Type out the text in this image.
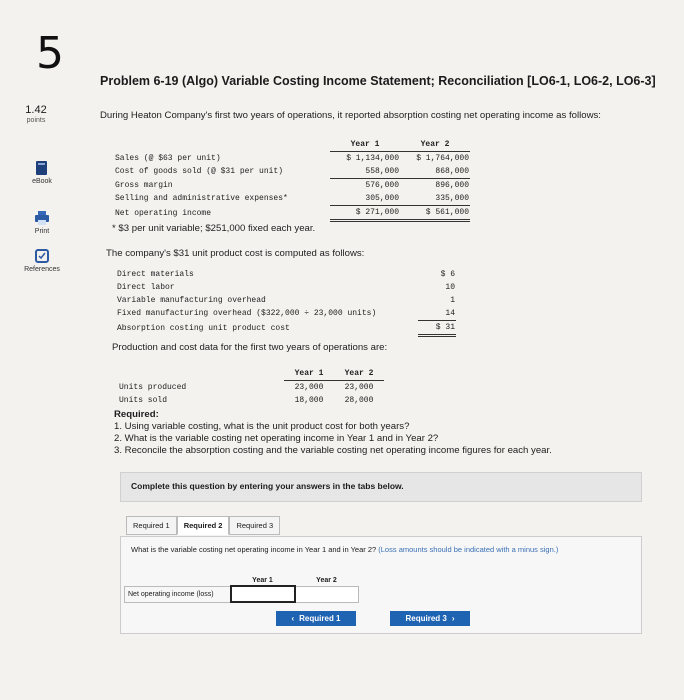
5
1.42
points
eBook
Print
References
Problem 6-19 (Algo) Variable Costing Income Statement; Reconciliation [LO6-1, LO6-2, LO6-3]
During Heaton Company's first two years of operations, it reported absorption costing net operating income as follows:
	Year 1	Year 2
Sales (@ $63 per unit)	$ 1,134,000	$ 1,764,000
Cost of goods sold (@ $31 per unit)	558,000	868,000
Gross margin	576,000	896,000
Selling and administrative expenses*	305,000	335,000
Net operating income	$ 271,000	$ 561,000
* $3 per unit variable; $251,000 fixed each year.
The company's $31 unit product cost is computed as follows:
Direct materials	$ 6
Direct labor	10
Variable manufacturing overhead	1
Fixed manufacturing overhead ($322,000 ÷ 23,000 units)	14
Absorption costing unit product cost	$ 31
Production and cost data for the first two years of operations are:
	Year 1	Year 2
Units produced	23,000	23,000
Units sold	18,000	28,000
Required:
1. Using variable costing, what is the unit product cost for both years?
2. What is the variable costing net operating income in Year 1 and in Year 2?
3. Reconcile the absorption costing and the variable costing net operating income figures for each year.
Complete this question by entering your answers in the tabs below.
Required 1	Required 2	Required 3
What is the variable costing net operating income in Year 1 and in Year 2? (Loss amounts should be indicated with a minus sign.)
	Year 1	Year 2
Net operating income (loss)		
‹ Required 1	Required 3 ›
